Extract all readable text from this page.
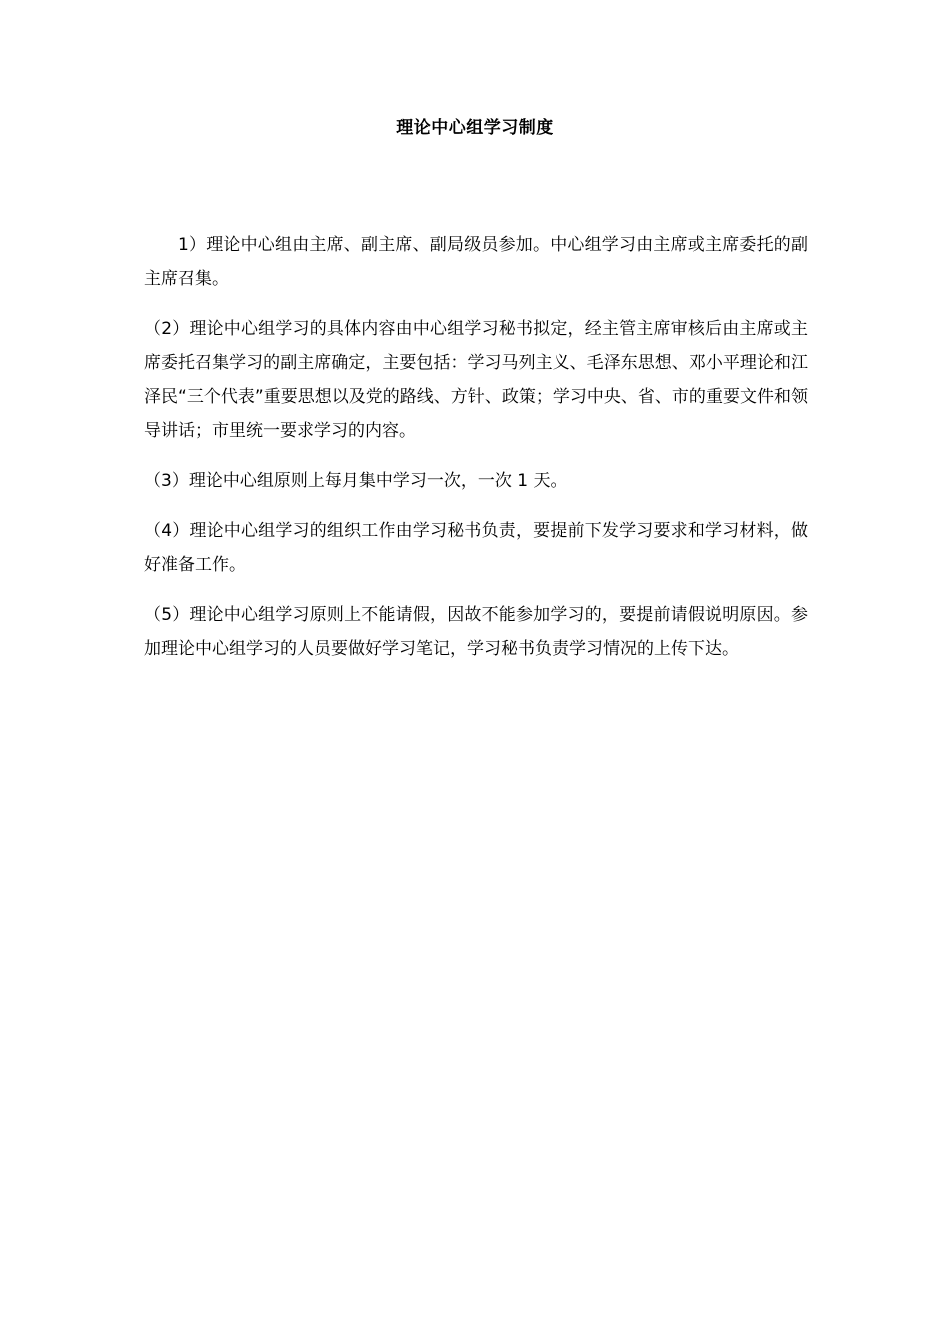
理论中心组学习制度

1）理论中心组由主席、副主席、副局级员参加。中心组学习由主席或主席委托的副主席召集。

（2）理论中心组学习的具体内容由中心组学习秘书拟定，经主管主席审核后由主席或主席委托召集学习的副主席确定，主要包括：学习马列主义、毛泽东思想、邓小平理论和江泽民“三个代表”重要思想以及党的路线、方针、政策；学习中央、省、市的重要文件和领导讲话；市里统一要求学习的内容。

（3）理论中心组原则上每月集中学习一次，一次 1 天。

（4）理论中心组学习的组织工作由学习秘书负责，要提前下发学习要求和学习材料，做好准备工作。

（5）理论中心组学习原则上不能请假，因故不能参加学习的，要提前请假说明原因。参加理论中心组学习的人员要做好学习笔记，学习秘书负责学习情况的上传下达。
